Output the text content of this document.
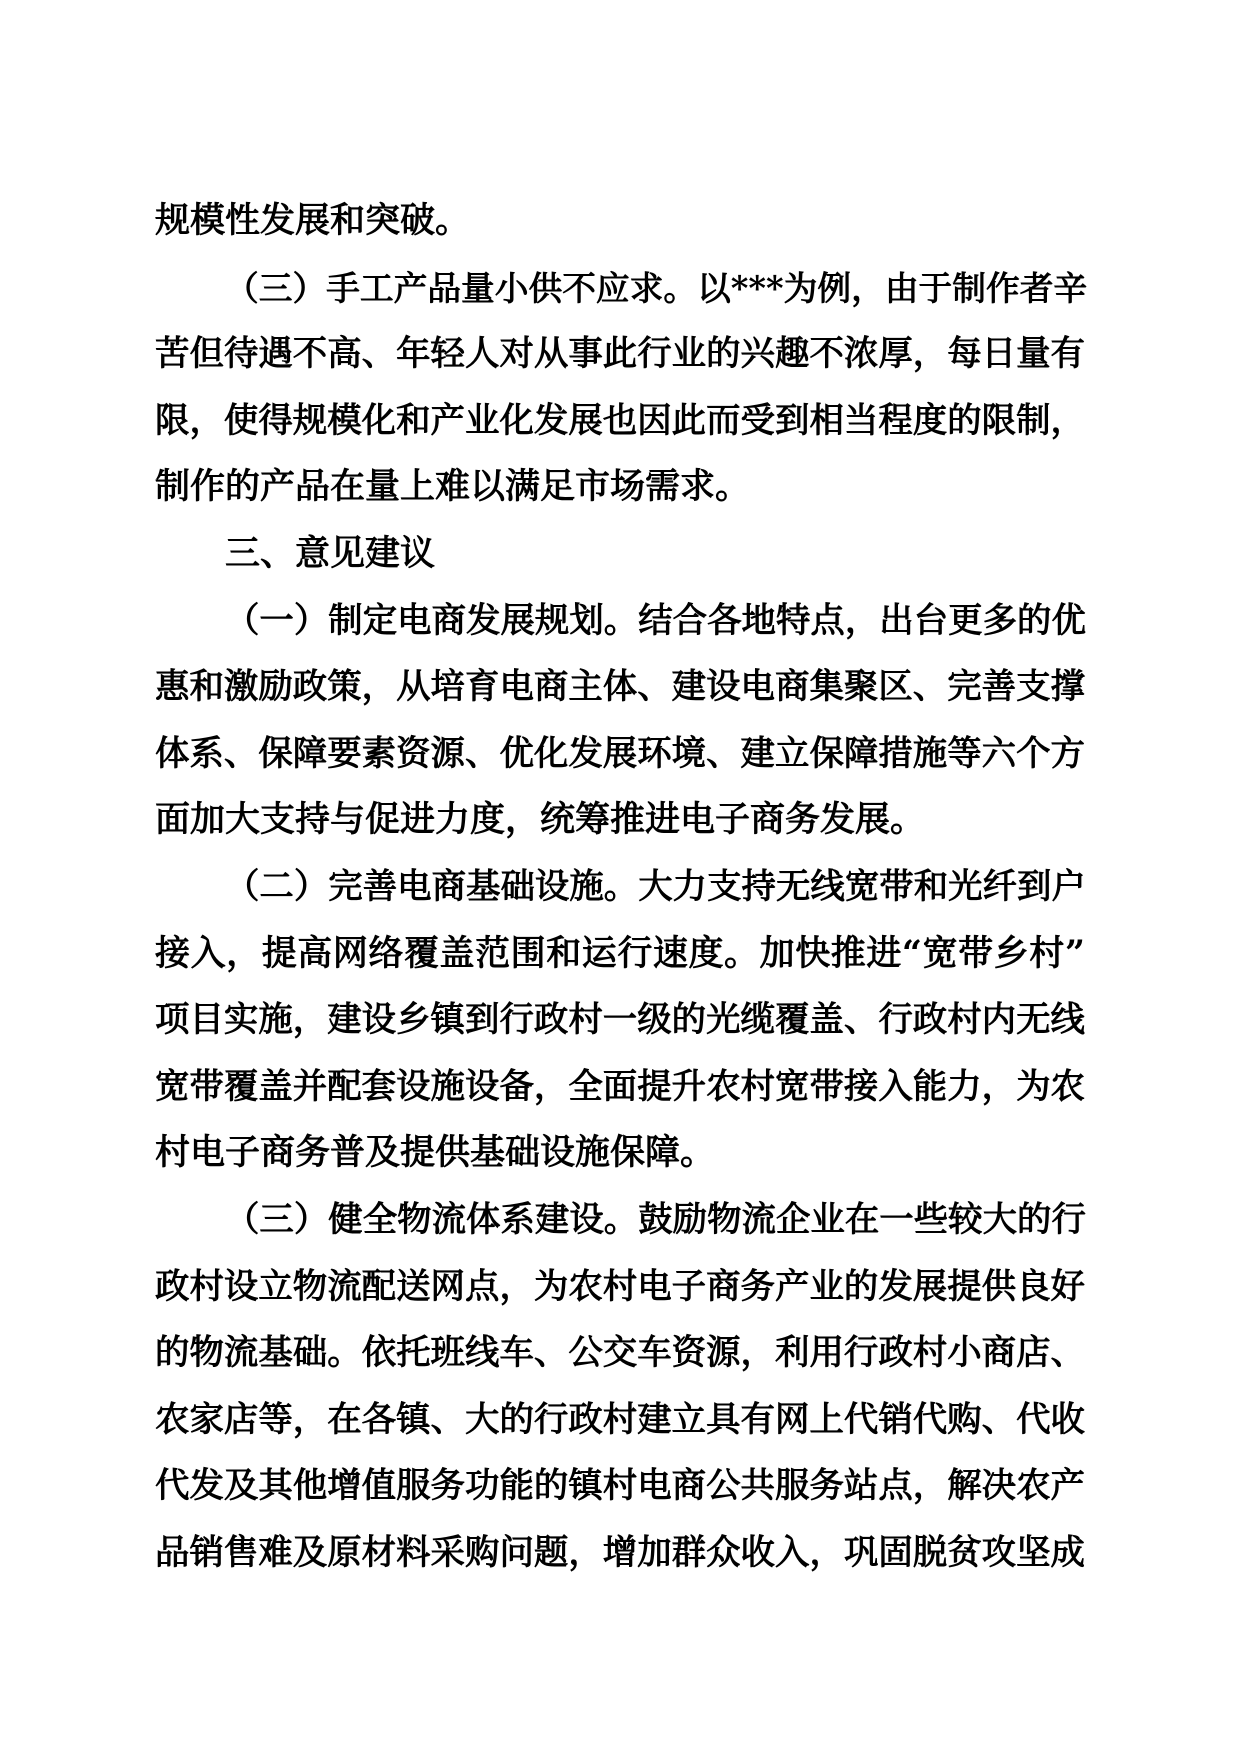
规模性发展和突破。
（三）手工产品量小供不应求。以***为例，由于制作者辛
苦但待遇不高、年轻人对从事此行业的兴趣不浓厚，每日量有
限，使得规模化和产业化发展也因此而受到相当程度的限制，
制作的产品在量上难以满足市场需求。
三、意见建议
（一）制定电商发展规划。结合各地特点，出台更多的优
惠和激励政策，从培育电商主体、建设电商集聚区、完善支撑
体系、保障要素资源、优化发展环境、建立保障措施等六个方
面加大支持与促进力度，统筹推进电子商务发展。
（二）完善电商基础设施。大力支持无线宽带和光纤到户
接入，提高网络覆盖范围和运行速度。加快推进“宽带乡村”
项目实施，建设乡镇到行政村一级的光缆覆盖、行政村内无线
宽带覆盖并配套设施设备，全面提升农村宽带接入能力，为农
村电子商务普及提供基础设施保障。
（三）健全物流体系建设。鼓励物流企业在一些较大的行
政村设立物流配送网点，为农村电子商务产业的发展提供良好
的物流基础。依托班线车、公交车资源，利用行政村小商店、
农家店等，在各镇、大的行政村建立具有网上代销代购、代收
代发及其他增值服务功能的镇村电商公共服务站点，解决农产
品销售难及原材料采购问题，增加群众收入，巩固脱贫攻坚成
